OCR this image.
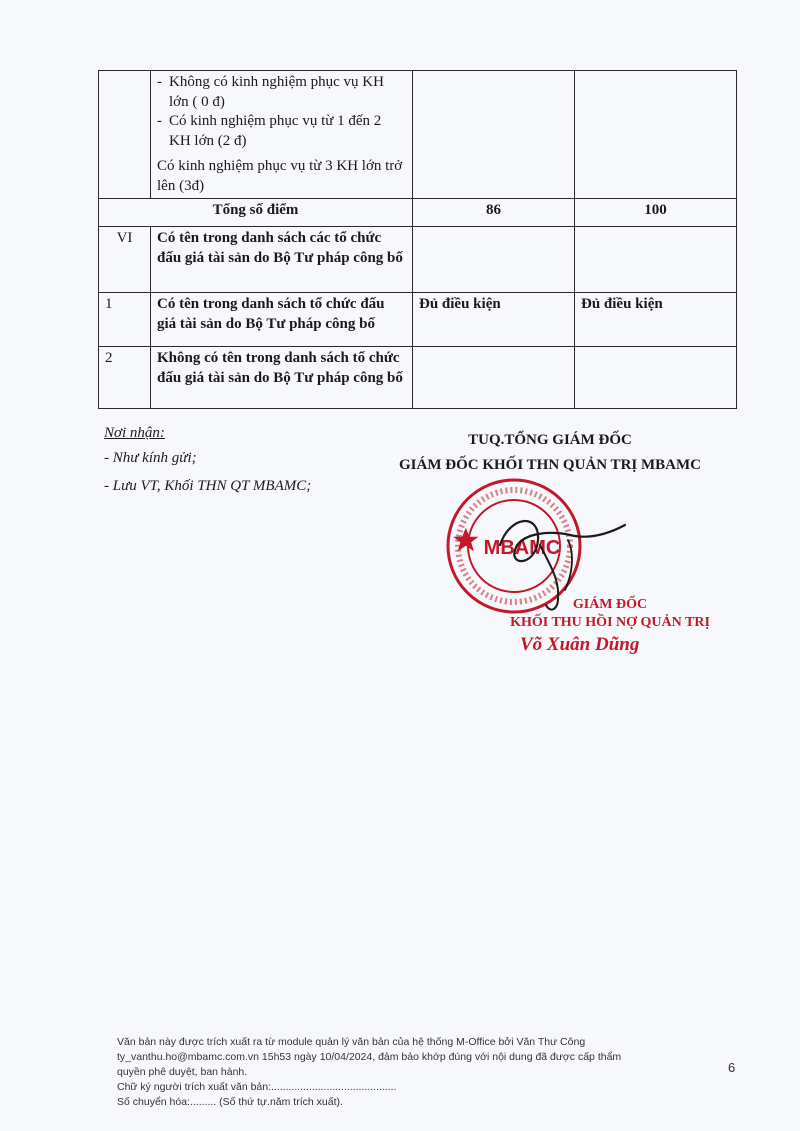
	- Không có kinh nghiệm phục vụ KH lớn ( 0 đ)
- Có kinh nghiệm phục vụ từ 1 đến 2 KH lớn (2 đ)
Có kinh nghiệm phục vụ từ 3 KH lớn trở lên (3đ)		

Tổng số điểm		86	100
VI	Có tên trong danh sách các tổ chức đấu giá tài sản do Bộ Tư pháp công bố		
1	Có tên trong danh sách tổ chức đấu giá tài sản do Bộ Tư pháp công bố	Đủ điều kiện	Đủ điều kiện
2	Không có tên trong danh sách tổ chức đấu giá tài sản do Bộ Tư pháp công bố		
Nơi nhận:
- Như kính gửi;
- Lưu VT, Khối THN QT MBAMC;
TUQ.TỔNG GIÁM ĐỐC
GIÁM ĐỐC KHỐI THN QUẢN TRỊ MBAMC
MBAMC
GIÁM ĐỐC
KHỐI THU HỒI NỢ QUẢN TRỊ
Võ Xuân Dũng
Văn bản này được trích xuất ra từ module quản lý văn bản của hệ thống M-Office bởi Văn Thư Công
ty_vanthu.ho@mbamc.com.vn 15h53 ngày 10/04/2024, đảm bảo khớp đúng với nội dung đã được cấp thẩm
quyền phê duyệt, ban hành.
Chữ ký người trích xuất văn bản:...........................................
Số chuyển hóa:......... (Số thứ tự.năm trích xuất).
6
